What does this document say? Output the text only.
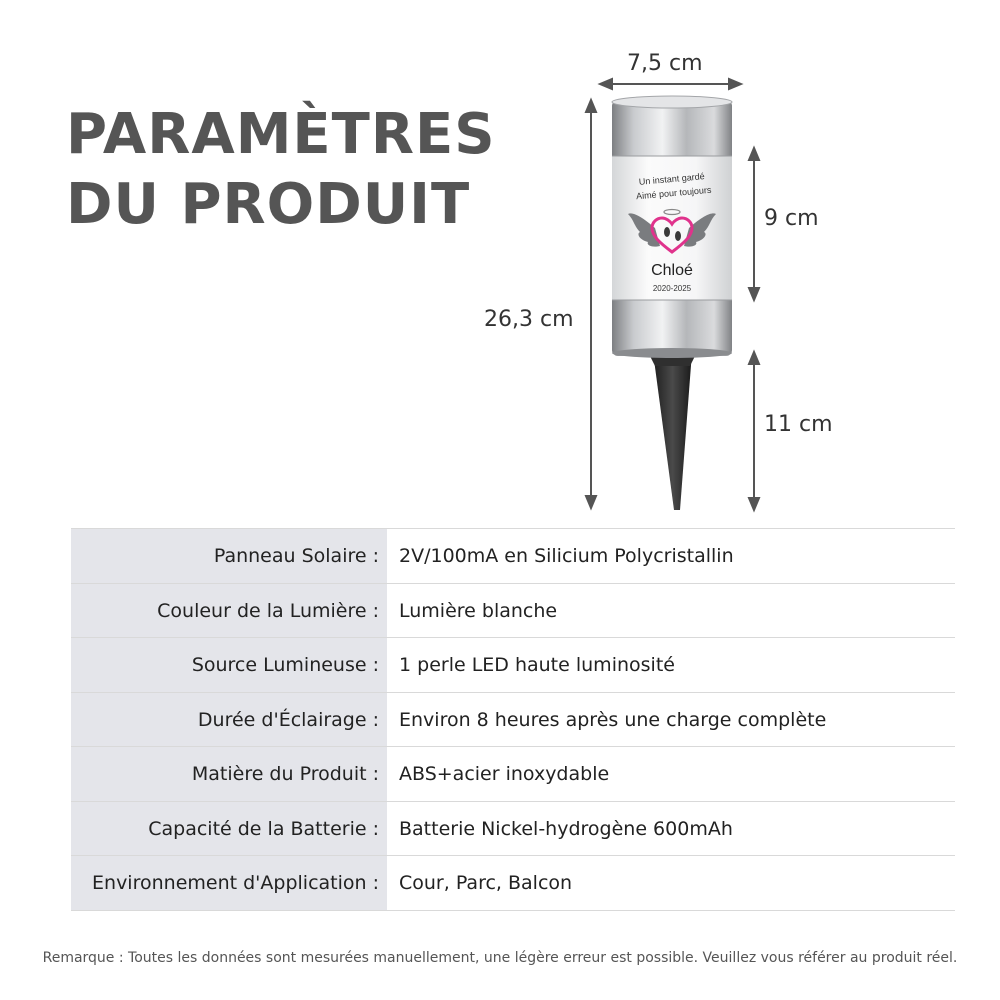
PARAMÈTRES
DU PRODUIT	Un instant gardé
Aimé pour toujours
Chloé
2020-2025
7,5 cm
26,3 cm
9 cm
11 cm
Panneau Solaire :	2V/100mA en Silicium Polycristallin
Couleur de la Lumière :	Lumière blanche
Source Lumineuse :	1 perle LED haute luminosité
Durée d'Éclairage :	Environ 8 heures après une charge complète
Matière du Produit :	ABS+acier inoxydable
Capacité de la Batterie :	Batterie Nickel-hydrogène 600mAh
Environnement d'Application :	Cour, Parc, Balcon
Remarque : Toutes les données sont mesurées manuellement, une légère erreur est possible. Veuillez vous référer au produit réel.
